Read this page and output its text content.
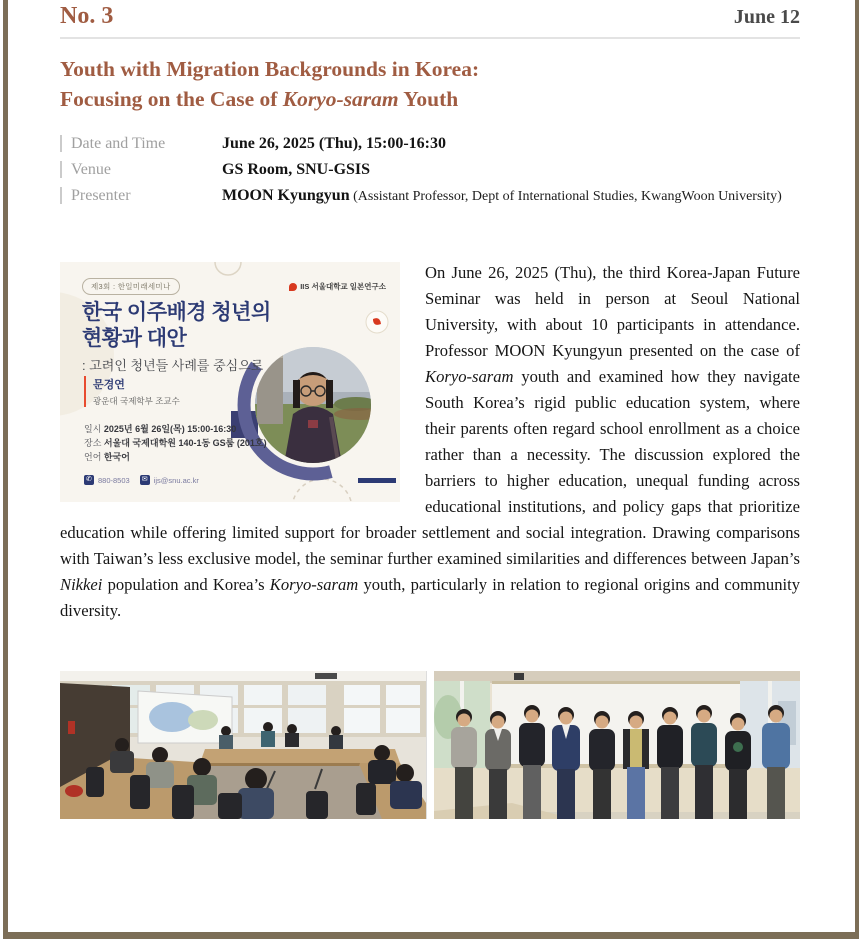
No. 3	June 12
Youth with Migration Backgrounds in Korea:
Focusing on the Case of Koryo-saram Youth
Date and Time	June 26, 2025 (Thu), 15:00-16:30
Venue	GS Room, SNU-GSIS
Presenter	MOON Kyungyun (Assistant Professor, Dept of International Studies, KwangWoon University)
제3회 : 한일미래세미나	IIS 서울대학교 일본연구소
한국 이주배경 청년의
현황과 대안
: 고려인 청년들 사례를 중심으로
문경연
광운대 국제학부 조교수
일시 2025년 6월 26일(목) 15:00-16:30
장소 서울대 국제대학원 140-1동 GS룸 (201호)
언어 한국어
✆ 880-8503 ✉ ijs@snu.ac.kr

On June 26, 2025 (Thu), the third Korea-Japan Future Seminar was held in person at Seoul National University, with about 10 participants in attendance. Professor MOON Kyungyun presented on the case of Koryo-saram youth and examined how they navigate South Korea’s rigid public education system, where their parents often regard school enrollment as a choice rather than a necessity. The discussion explored the barriers to higher education, unequal funding across educational institutions, and policy gaps that prioritize education while offering limited support for broader settlement and social integration. Drawing comparisons with Taiwan’s less exclusive model, the seminar further examined similarities and differences between Japan’s Nikkei population and Korea’s Koryo-saram youth, particularly in relation to regional origins and community diversity.
